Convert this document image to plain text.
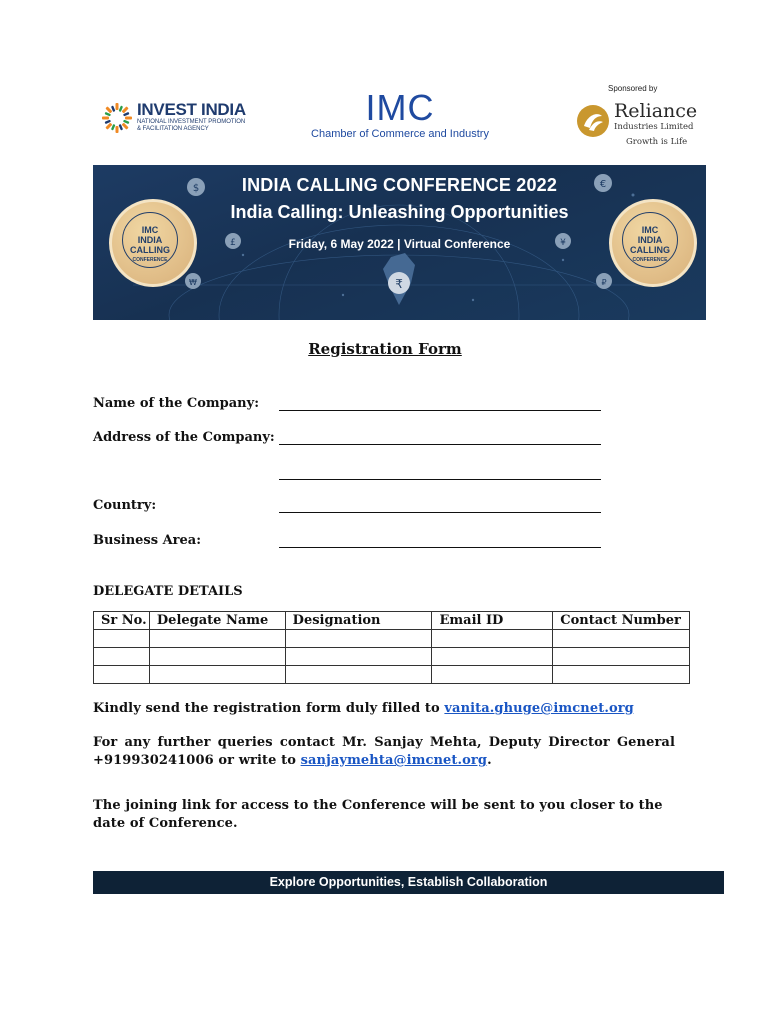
INVEST INDIA
NATIONAL INVESTMENT PROMOTION
& FACILITATION AGENCY
IMC
Chamber of Commerce and Industry
Sponsored by
Reliance
Industries Limited
Growth is Life
$	€
£	¥
₩	₽
₹
IMC
INDIA
CALLING
CONFERENCE
IMC
INDIA
CALLING
CONFERENCE
INDIA CALLING CONFERENCE 2022
India Calling: Unleashing Opportunities
Friday, 6 May 2022 | Virtual Conference
Registration Form
Name of the Company:
Address of the Company:
Country:
Business Area:
DELEGATE DETAILS
Sr No.	Delegate Name	Designation	Email ID	Contact Number

Kindly send the registration form duly filled to vanita.ghuge@imcnet.org
For any further queries contact Mr. Sanjay Mehta, Deputy Director General +919930241006 or write to sanjaymehta@imcnet.org.
The joining link for access to the Conference will be sent to you closer to the date of Conference.
Explore Opportunities, Establish Collaboration
